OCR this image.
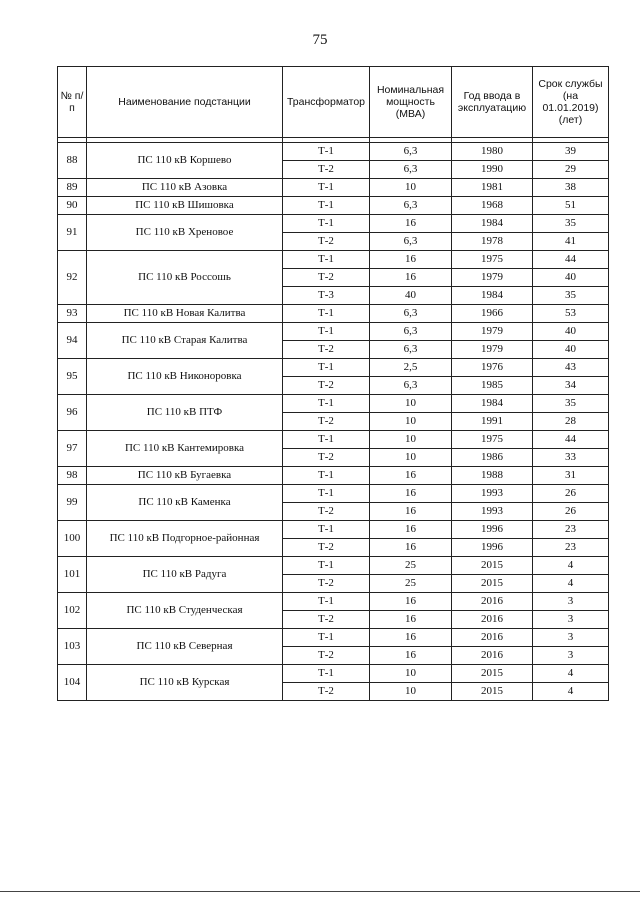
75
№ п/п	Наименование подстанции	Трансформатор	Номинальная мощность (МВА)	Год ввода в эксплуатацию	Срок службы (на 01.01.2019) (лет)

88	ПС 110 кВ Коршево	Т-1	6,3	1980	39
		Т-2	6,3	1990	29
89	ПС 110 кВ Азовка	Т-1	10	1981	38
90	ПС 110 кВ Шишовка	Т-1	6,3	1968	51
91	ПС 110 кВ Хреновое	Т-1	16	1984	35
		Т-2	6,3	1978	41
92	ПС 110 кВ Россошь	Т-1	16	1975	44
		Т-2	16	1979	40
		Т-3	40	1984	35
93	ПС 110 кВ Новая Калитва	Т-1	6,3	1966	53
94	ПС 110 кВ Старая Калитва	Т-1	6,3	1979	40
		Т-2	6,3	1979	40
95	ПС 110 кВ Никоноровка	Т-1	2,5	1976	43
		Т-2	6,3	1985	34
96	ПС 110 кВ ПТФ	Т-1	10	1984	35
		Т-2	10	1991	28
97	ПС 110 кВ Кантемировка	Т-1	10	1975	44
		Т-2	10	1986	33
98	ПС 110 кВ Бугаевка	Т-1	16	1988	31
99	ПС 110 кВ Каменка	Т-1	16	1993	26
		Т-2	16	1993	26
100	ПС 110 кВ Подгорное-районная	Т-1	16	1996	23
		Т-2	16	1996	23
101	ПС 110 кВ Радуга	Т-1	25	2015	4
		Т-2	25	2015	4
102	ПС 110 кВ Студенческая	Т-1	16	2016	3
		Т-2	16	2016	3
103	ПС 110 кВ Северная	Т-1	16	2016	3
		Т-2	16	2016	3
104	ПС 110 кВ Курская	Т-1	10	2015	4
		Т-2	10	2015	4
